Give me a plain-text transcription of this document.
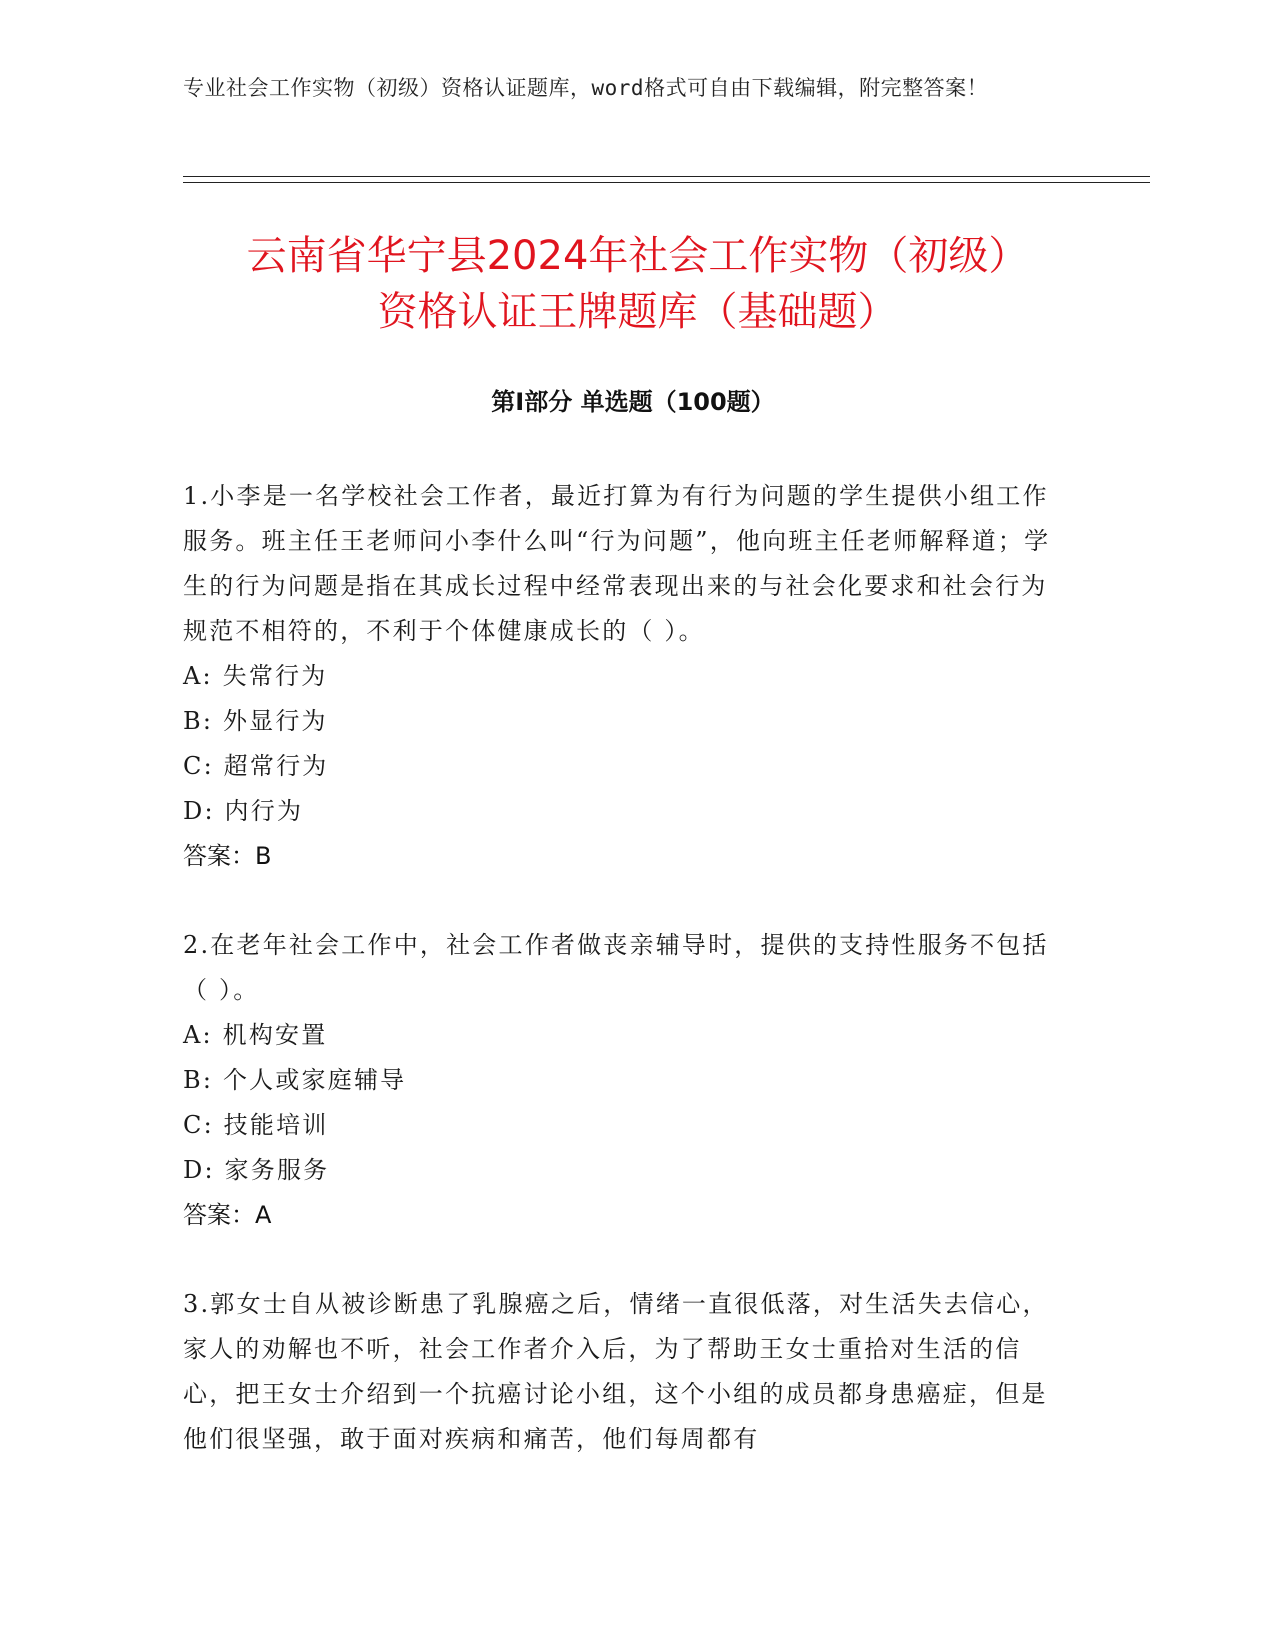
专业社会工作实物（初级）资格认证题库，word格式可自由下载编辑，附完整答案！
云南省华宁县2024年社会工作实物（初级）
资格认证王牌题库（基础题）
第Ⅰ部分 单选题（100题）
1.小李是一名学校社会工作者，最近打算为有行为问题的学生提供小组工作服务。班主任王老师问小李什么叫“行为问题”，他向班主任老师解释道；学生的行为问题是指在其成长过程中经常表现出来的与社会化要求和社会行为规范不相符的，不利于个体健康成长的（ ）。
A: 失常行为
B: 外显行为
C: 超常行为
D: 内行为
答案：B
2.在老年社会工作中，社会工作者做丧亲辅导时，提供的支持性服务不包括（ ）。
A: 机构安置
B: 个人或家庭辅导
C: 技能培训
D: 家务服务
答案：A
3.郭女士自从被诊断患了乳腺癌之后，情绪一直很低落，对生活失去信心，家人的劝解也不听，社会工作者介入后，为了帮助王女士重拾对生活的信心，把王女士介绍到一个抗癌讨论小组，这个小组的成员都身患癌症，但是他们很坚强，敢于面对疾病和痛苦，他们每周都有
